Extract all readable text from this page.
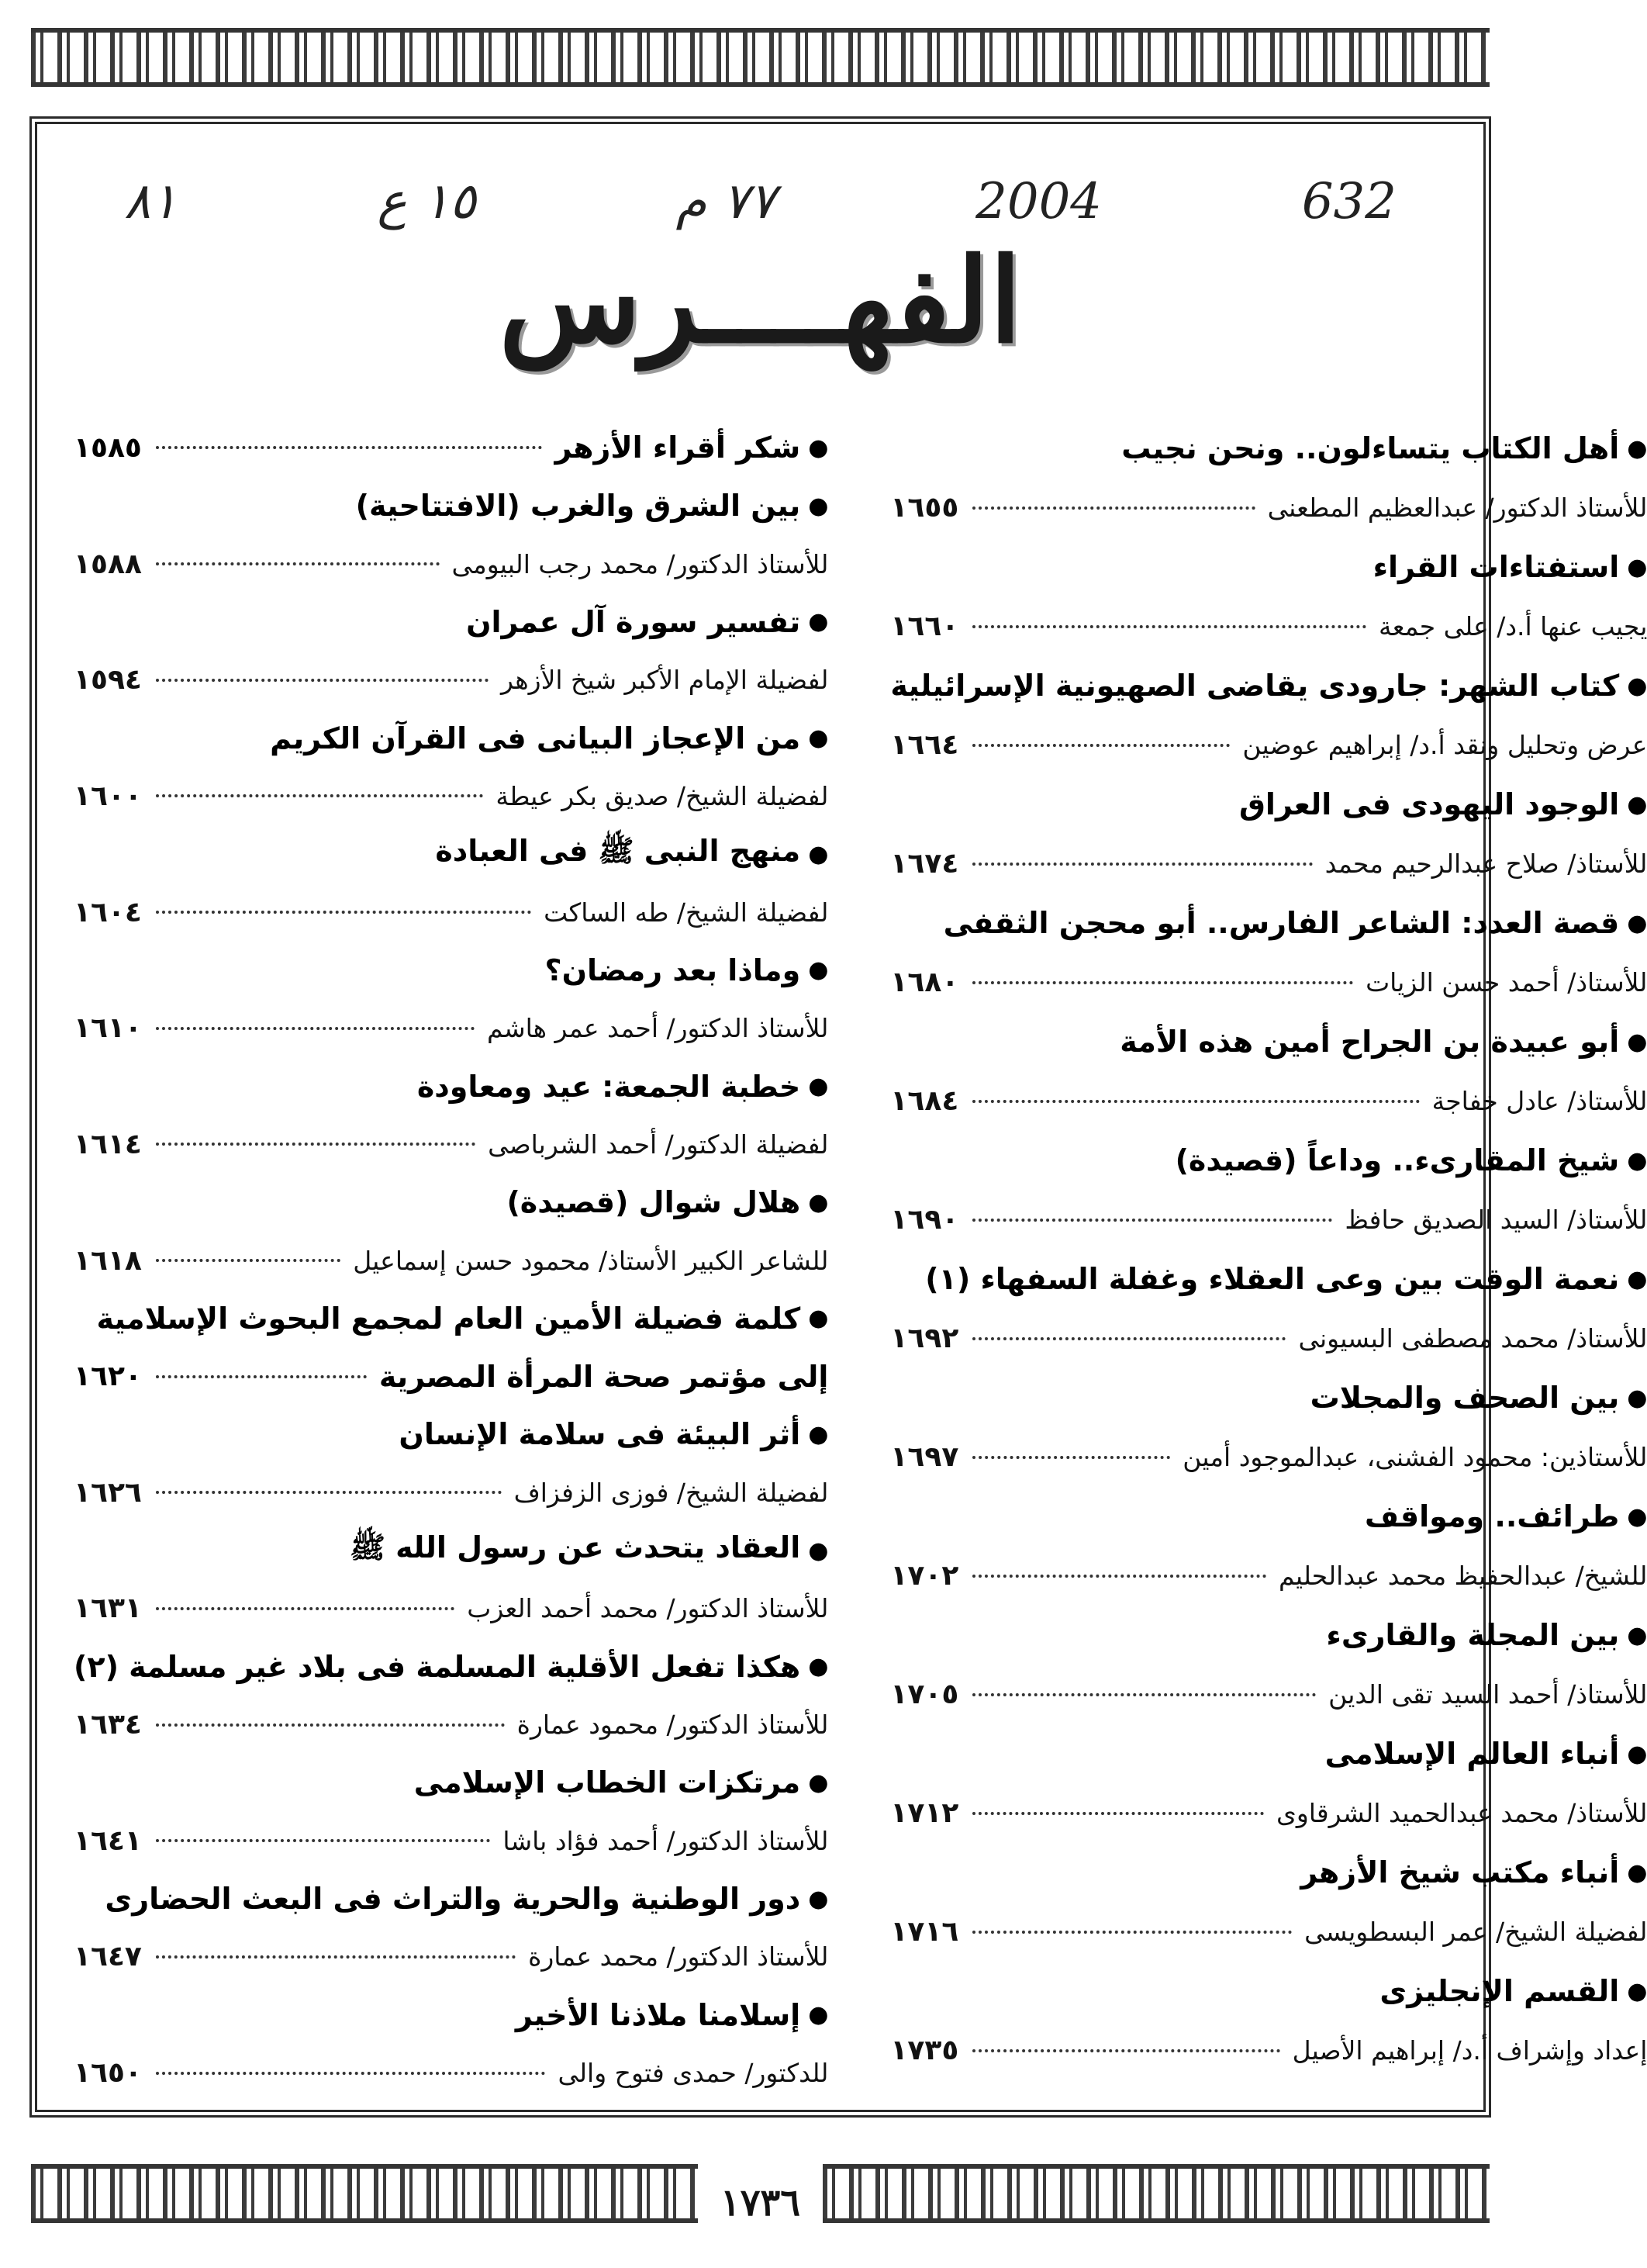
٨١	١٥ ع	٧٧ م	2004	632
الفهــــرس
●
شكر أقراء الأزهر
١٥٨٥
●
بين الشرق والغرب (الافتتاحية)
للأستاذ الدكتور/ محمد رجب البيومى
١٥٨٨
●
تفسير سورة آل عمران
لفضيلة الإمام الأكبر شيخ الأزهر
١٥٩٤
●
من الإعجاز البيانى فى القرآن الكريم
لفضيلة الشيخ/ صديق بكر عيطة
١٦٠٠
●
منهج النبى ﷺ فى العبادة
لفضيلة الشيخ/ طه الساكت
١٦٠٤
●
وماذا بعد رمضان؟
للأستاذ الدكتور/ أحمد عمر هاشم
١٦١٠
●
خطبة الجمعة: عيد ومعاودة
لفضيلة الدكتور/ أحمد الشرباصى
١٦١٤
●
هلال شوال (قصيدة)
للشاعر الكبير الأستاذ/ محمود حسن إسماعيل
١٦١٨
●
كلمة فضيلة الأمين العام لمجمع البحوث الإسلامية
إلى مؤتمر صحة المرأة المصرية
١٦٢٠
●
أثر البيئة فى سلامة الإنسان
لفضيلة الشيخ/ فوزى الزفزاف
١٦٢٦
●
العقاد يتحدث عن رسول الله ﷺ
للأستاذ الدكتور/ محمد أحمد العزب
١٦٣١
●
هكذا تفعل الأقلية المسلمة فى بلاد غير مسلمة (٢)
للأستاذ الدكتور/ محمود عمارة
١٦٣٤
●
مرتكزات الخطاب الإسلامى
للأستاذ الدكتور/ أحمد فؤاد باشا
١٦٤١
●
دور الوطنية والحرية والتراث فى البعث الحضارى
للأستاذ الدكتور/ محمد عمارة
١٦٤٧
●
إسلامنا ملاذنا الأخير
للدكتور/ حمدى فتوح والى
١٦٥٠
●
أهل الكتاب يتساءلون.. ونحن نجيب
للأستاذ الدكتور/ عبدالعظيم المطعنى
١٦٥٥
●
استفتاءات القراء
يجيب عنها أ.د/ على جمعة
١٦٦٠
●
كتاب الشهر: جارودى يقاضى الصهيونية الإسرائيلية
عرض وتحليل ونقد أ.د/ إبراهيم عوضين
١٦٦٤
●
الوجود اليهودى فى العراق
للأستاذ/ صلاح عبدالرحيم محمد
١٦٧٤
●
قصة العدد: الشاعر الفارس.. أبو محجن الثقفى
للأستاذ/ أحمد حسن الزيات
١٦٨٠
●
أبو عبيدة بن الجراح أمين هذه الأمة
للأستاذ/ عادل خفاجة
١٦٨٤
●
شيخ المقارىء.. وداعاً (قصيدة)
للأستاذ/ السيد الصديق حافظ
١٦٩٠
●
نعمة الوقت بين وعى العقلاء وغفلة السفهاء (١)
للأستاذ/ محمد مصطفى البسيونى
١٦٩٢
●
بين الصحف والمجلات
للأستاذين: محمود الفشنى، عبدالموجود أمين
١٦٩٧
●
طرائف.. ومواقف
للشيخ/ عبدالحفيظ محمد عبدالحليم
١٧٠٢
●
بين المجلة والقارىء
للأستاذ/ أحمد السيد تقى الدين
١٧٠٥
●
أنباء العالم الإسلامى
للأستاذ/ محمد عبدالحميد الشرقاوى
١٧١٢
●
أنباء مكتب شيخ الأزهر
لفضيلة الشيخ/ عمر البسطويسى
١٧١٦
●
القسم الإنجليزى
إعداد وإشراف أ.د/ إبراهيم الأصيل
١٧٣٥
١٧٣٦
